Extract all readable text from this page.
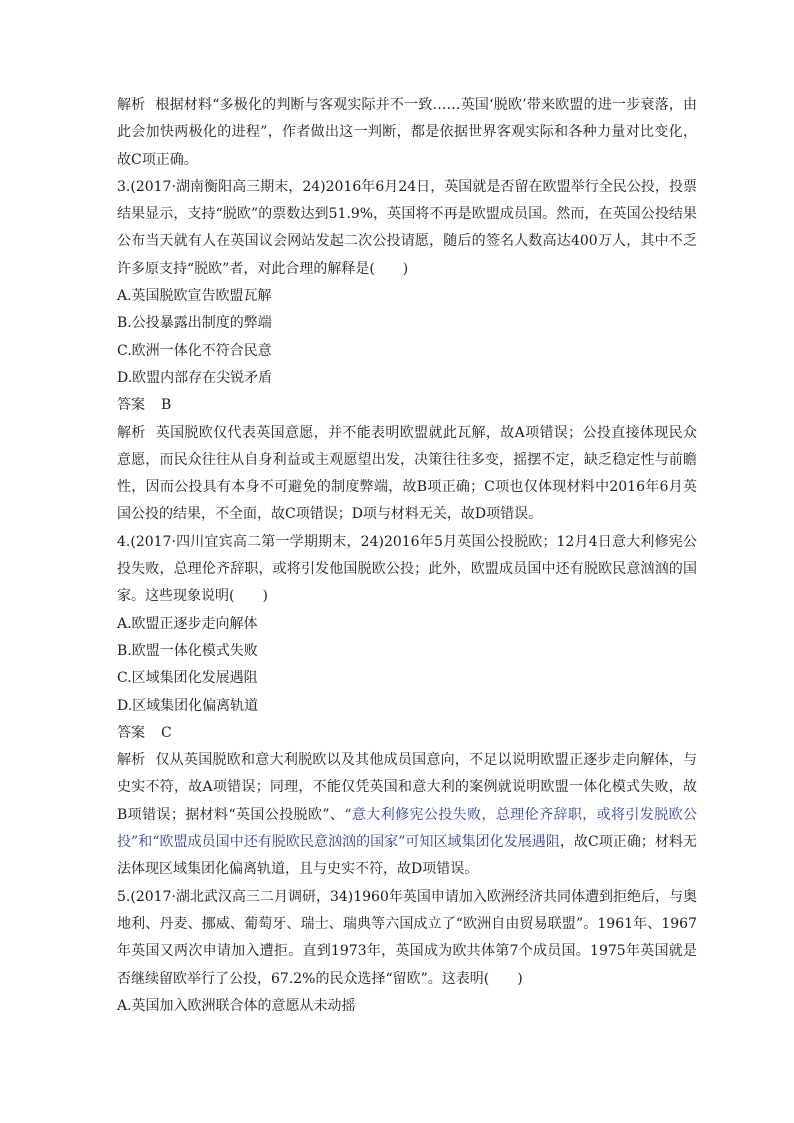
解析 根据材料“多极化的判断与客观实际并不一致……英国‘脱欧’带来欧盟的进一步衰落，由此会加快两极化的进程”，作者做出这一判断，都是依据世界客观实际和各种力量对比变化，故C项正确。

3.(2017·湖南衡阳高三期末，24)2016年6月24日，英国就是否留在欧盟举行全民公投，投票结果显示，支持“脱欧”的票数达到51.9%，英国将不再是欧盟成员国。然而，在英国公投结果公布当天就有人在英国议会网站发起二次公投请愿，随后的签名人数高达400万人，其中不乏许多原支持“脱欧”者，对此合理的解释是(　　)

A.英国脱欧宣告欧盟瓦解
B.公投暴露出制度的弊端
C.欧洲一体化不符合民意
D.欧盟内部存在尖锐矛盾

答案 B

解析 英国脱欧仅代表英国意愿，并不能表明欧盟就此瓦解，故A项错误；公投直接体现民众意愿，而民众往往从自身利益或主观愿望出发，决策往往多变，摇摆不定，缺乏稳定性与前瞻性，因而公投具有本身不可避免的制度弊端，故B项正确；C项也仅体现材料中2016年6月英国公投的结果，不全面，故C项错误；D项与材料无关，故D项错误。

4.(2017·四川宜宾高二第一学期期末，24)2016年5月英国公投脱欧；12月4日意大利修宪公投失败，总理伦齐辞职，或将引发他国脱欧公投；此外，欧盟成员国中还有脱欧民意汹汹的国家。这些现象说明(　　)

A.欧盟正逐步走向解体
B.欧盟一体化模式失败
C.区域集团化发展遇阻
D.区域集团化偏离轨道

答案 C

解析 仅从英国脱欧和意大利脱欧以及其他成员国意向，不足以说明欧盟正逐步走向解体，与史实不符，故A项错误；同理，不能仅凭英国和意大利的案例就说明欧盟一体化模式失败，故B项错误；据材料“英国公投脱欧”、“意大利修宪公投失败，总理伦齐辞职，或将引发脱欧公投”和“欧盟成员国中还有脱欧民意汹汹的国家”可知区域集团化发展遇阻，故C项正确；材料无法体现区域集团化偏离轨道，且与史实不符，故D项错误。

5.(2017·湖北武汉高三二月调研，34)1960年英国申请加入欧洲经济共同体遭到拒绝后，与奥地利、丹麦、挪威、葡萄牙、瑞士、瑞典等六国成立了“欧洲自由贸易联盟”。1961年、1967年英国又两次申请加入遭拒。直到1973年，英国成为欧共体第7个成员国。1975年英国就是否继续留欧举行了公投，67.2%的民众选择“留欧”。这表明(　　)

A.英国加入欧洲联合体的意愿从未动摇
